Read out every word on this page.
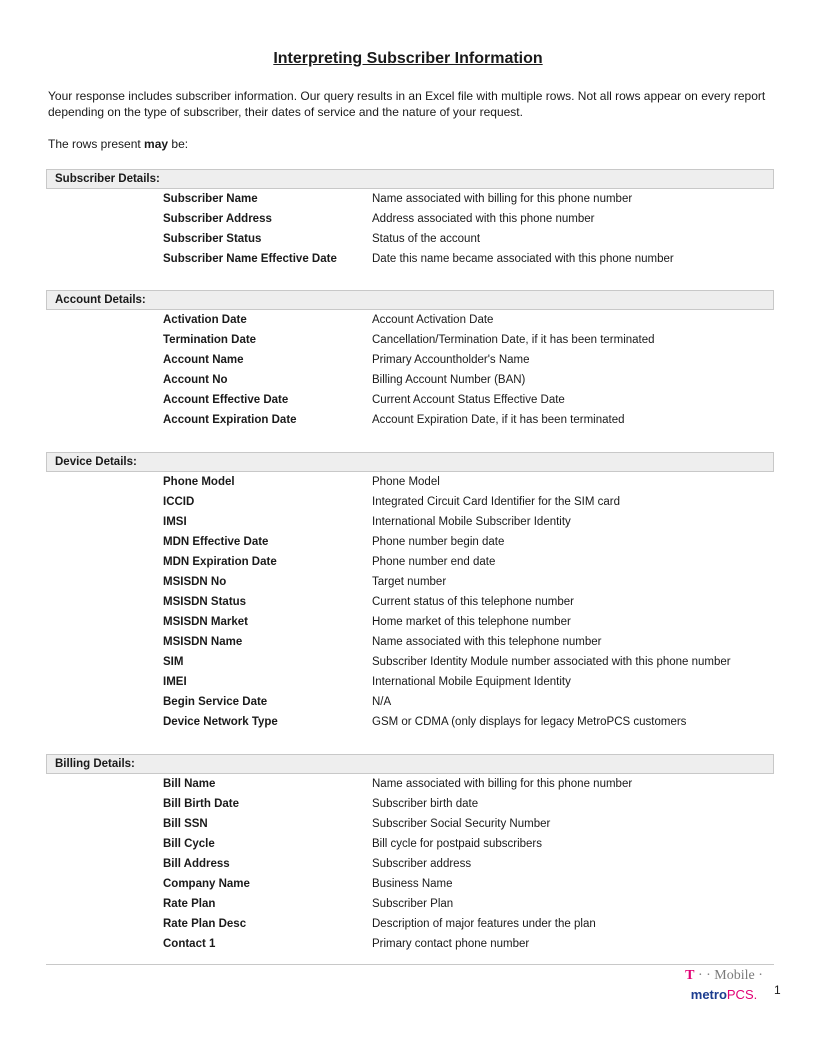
Interpreting Subscriber Information
Your response includes subscriber information. Our query results in an Excel file with multiple rows. Not all rows appear on every report depending on the type of subscriber, their dates of service and the nature of your request.
The rows present may be:
Subscriber Details:
Subscriber Name	Name associated with billing for this phone number
Subscriber Address	Address associated with this phone number
Subscriber Status	Status of the account
Subscriber Name Effective Date	Date this name became associated with this phone number
Account Details:
Activation Date	Account Activation Date
Termination Date	Cancellation/Termination Date, if it has been terminated
Account Name	Primary Accountholder's Name
Account No	Billing Account Number (BAN)
Account Effective Date	Current Account Status Effective Date
Account Expiration Date	Account Expiration Date, if it has been terminated
Device Details:
Phone Model	Phone Model
ICCID	Integrated Circuit Card Identifier for the SIM card
IMSI	International Mobile Subscriber Identity
MDN Effective Date	Phone number begin date
MDN Expiration Date	Phone number end date
MSISDN No	Target number
MSISDN Status	Current status of this telephone number
MSISDN Market	Home market of this telephone number
MSISDN Name	Name associated with this telephone number
SIM	Subscriber Identity Module number associated with this phone number
IMEI	International Mobile Equipment Identity
Begin Service Date	N/A
Device Network Type	GSM or CDMA (only displays for legacy MetroPCS customers
Billing Details:
Bill Name	Name associated with billing for this phone number
Bill Birth Date	Subscriber birth date
Bill SSN	Subscriber Social Security Number
Bill Cycle	Bill cycle for postpaid subscribers
Bill Address	Subscriber address
Company Name	Business Name
Rate Plan	Subscriber Plan
Rate Plan Desc	Description of major features under the plan
Contact 1	Primary contact phone number
T · · Mobile ·
metroPCS.	1
